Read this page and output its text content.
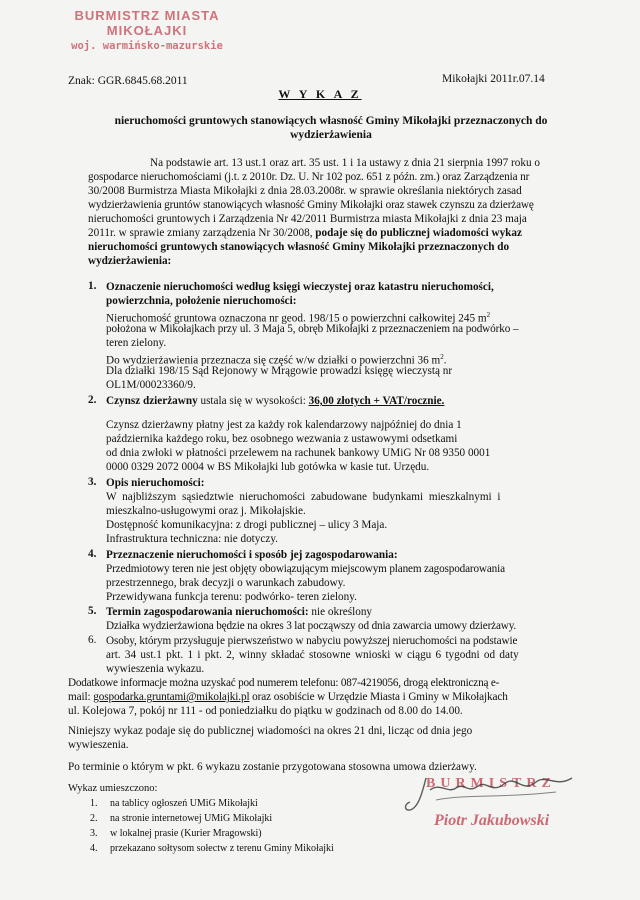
BURMISTRZ MIASTA MIKOŁAJKI
woj. warmińsko-mazurskie
Znak: GGR.6845.68.2011	Mikołajki 2011r.07.14
W Y K A Z
nieruchomości gruntowych stanowiących własność Gminy Mikołajki przeznaczonych do wydzierżawienia
Na podstawie art. 13 ust.1 oraz art. 35 ust. 1 i 1a ustawy z dnia 21 sierpnia 1997 roku o
gospodarce nieruchomościami (j.t. z 2010r. Dz. U. Nr 102 poz. 651 z późn. zm.) oraz Zarządzenia nr
30/2008 Burmistrza Miasta Mikołajki z dnia 28.03.2008r. w sprawie określania niektórych zasad
wydzierżawienia gruntów stanowiących własność Gminy Mikołajki oraz stawek czynszu za dzierżawę
nieruchomości gruntowych i Zarządzenia Nr 42/2011 Burmistrza miasta Mikołajki z dnia 23 maja
2011r. w sprawie zmiany zarządzenia Nr 30/2008, podaje się do publicznej wiadomości wykaz
nieruchomości gruntowych stanowiących własność Gminy Mikołajki przeznaczonych do
wydzierżawienia:
1. Oznaczenie nieruchomości według księgi wieczystej oraz katastru nieruchomości,
powierzchnia, położenie nieruchomości:
Nieruchomość gruntowa oznaczona nr geod. 198/15 o powierzchni całkowitej 245 $m^2$
położona w Mikołajkach przy ul. 3 Maja 5, obręb Mikołajki z przeznaczeniem na podwórko –
teren zielony.
Do wydzierżawienia przeznacza się część w/w działki o powierzchni 36 $m^2$.
Dla działki 198/15 Sąd Rejonowy w Mrągowie prowadzi księgę wieczystą nr
OL1M/00023360/9.
2. Czynsz dzierżawny ustala się w wysokości: 36,00 złotych + VAT/rocznie.
Czynsz dzierżawny płatny jest za każdy rok kalendarzowy najpóźniej do dnia 1
października każdego roku, bez osobnego wezwania z ustawowymi odsetkami
od dnia zwłoki w płatności przelewem na rachunek bankowy UMiG Nr 08 9350 0001
0000 0329 2072 0004 w BS Mikołajki lub gotówka w kasie tut. Urzędu.
3. Opis nieruchomości:
W najbliższym sąsiedztwie nieruchomości zabudowane budynkami mieszkalnymi i
mieszkalno-usługowymi oraz j. Mikołajskie.
Dostępność komunikacyjna: z drogi publicznej – ulicy 3 Maja.
Infrastruktura techniczna: nie dotyczy.
4. Przeznaczenie nieruchomości i sposób jej zagospodarowania:
Przedmiotowy teren nie jest objęty obowiązującym miejscowym planem zagospodarowania
przestrzennego, brak decyzji o warunkach zabudowy.
Przewidywana funkcja terenu: podwórko- teren zielony.
5. Termin zagospodarowania nieruchomości: nie określony
Działka wydzierżawiona będzie na okres 3 lat począwszy od dnia zawarcia umowy dzierżawy.
6. Osoby, którym przysługuje pierwszeństwo w nabyciu powyższej nieruchomości na podstawie
art. 34 ust.1 pkt. 1 i pkt. 2, winny składać stosowne wnioski w ciągu 6 tygodni od daty
wywieszenia wykazu.
Dodatkowe informacje można uzyskać pod numerem telefonu: 087-4219056, drogą elektroniczną e-
mail: gospodarka.gruntami@mikolajki.pl oraz osobiście w Urzędzie Miasta i Gminy w Mikołajkach
ul. Kolejowa 7, pokój nr 111 - od poniedziałku do piątku w godzinach od 8.00 do 14.00.
Niniejszy wykaz podaje się do publicznej wiadomości na okres 21 dni, licząc od dnia jego
wywieszenia.
Po terminie o którym w pkt. 6 wykazu zostanie przygotowana stosowna umowa dzierżawy.
Wykaz umieszczono:
1. na tablicy ogłoszeń UMiG Mikołajki
2. na stronie internetowej UMiG Mikołajki
3. w lokalnej prasie (Kurier Mragowski)
4. przekazano sołtysom sołectw z terenu Gminy Mikołajki
BURMISTRZ
Piotr Jakubowski
